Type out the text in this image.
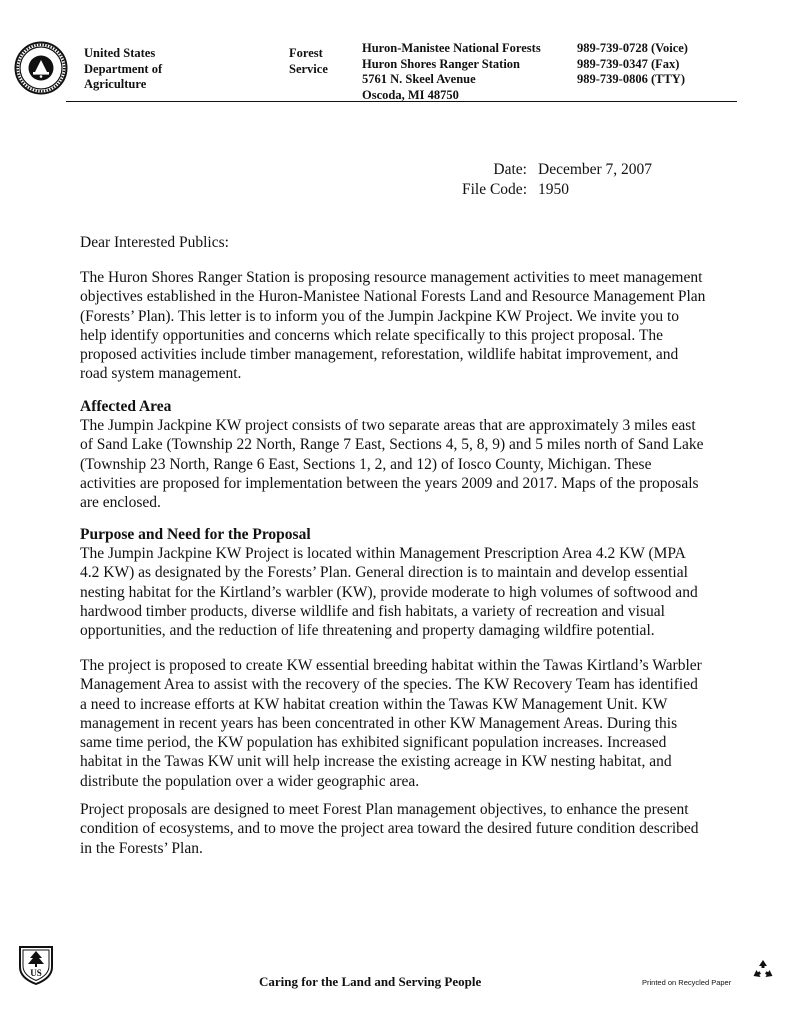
United States
Department of
Agriculture
Forest
Service
Huron-Manistee National Forests
Huron Shores Ranger Station
5761 N. Skeel Avenue
Oscoda, MI 48750
989-739-0728 (Voice)
989-739-0347 (Fax)
989-739-0806 (TTY)
Date: December 7, 2007
File Code: 1950
Dear Interested Publics:
The Huron Shores Ranger Station is proposing resource management activities to meet management
objectives established in the Huron-Manistee National Forests Land and Resource Management Plan
(Forests’ Plan). This letter is to inform you of the Jumpin Jackpine KW Project. We invite you to
help identify opportunities and concerns which relate specifically to this project proposal. The
proposed activities include timber management, reforestation, wildlife habitat improvement, and
road system management.
Affected Area
The Jumpin Jackpine KW project consists of two separate areas that are approximately 3 miles east
of Sand Lake (Township 22 North, Range 7 East, Sections 4, 5, 8, 9) and 5 miles north of Sand Lake
(Township 23 North, Range 6 East, Sections 1, 2, and 12) of Iosco County, Michigan. These
activities are proposed for implementation between the years 2009 and 2017. Maps of the proposals
are enclosed.
Purpose and Need for the Proposal
The Jumpin Jackpine KW Project is located within Management Prescription Area 4.2 KW (MPA
4.2 KW) as designated by the Forests’ Plan. General direction is to maintain and develop essential
nesting habitat for the Kirtland’s warbler (KW), provide moderate to high volumes of softwood and
hardwood timber products, diverse wildlife and fish habitats, a variety of recreation and visual
opportunities, and the reduction of life threatening and property damaging wildfire potential.
The project is proposed to create KW essential breeding habitat within the Tawas Kirtland’s Warbler
Management Area to assist with the recovery of the species. The KW Recovery Team has identified
a need to increase efforts at KW habitat creation within the Tawas KW Management Unit. KW
management in recent years has been concentrated in other KW Management Areas. During this
same time period, the KW population has exhibited significant population increases. Increased
habitat in the Tawas KW unit will help increase the existing acreage in KW nesting habitat, and
distribute the population over a wider geographic area.
Project proposals are designed to meet Forest Plan management objectives, to enhance the present
condition of ecosystems, and to move the project area toward the desired future condition described
in the Forests’ Plan.
US
Caring for the Land and Serving People	Printed on Recycled Paper
